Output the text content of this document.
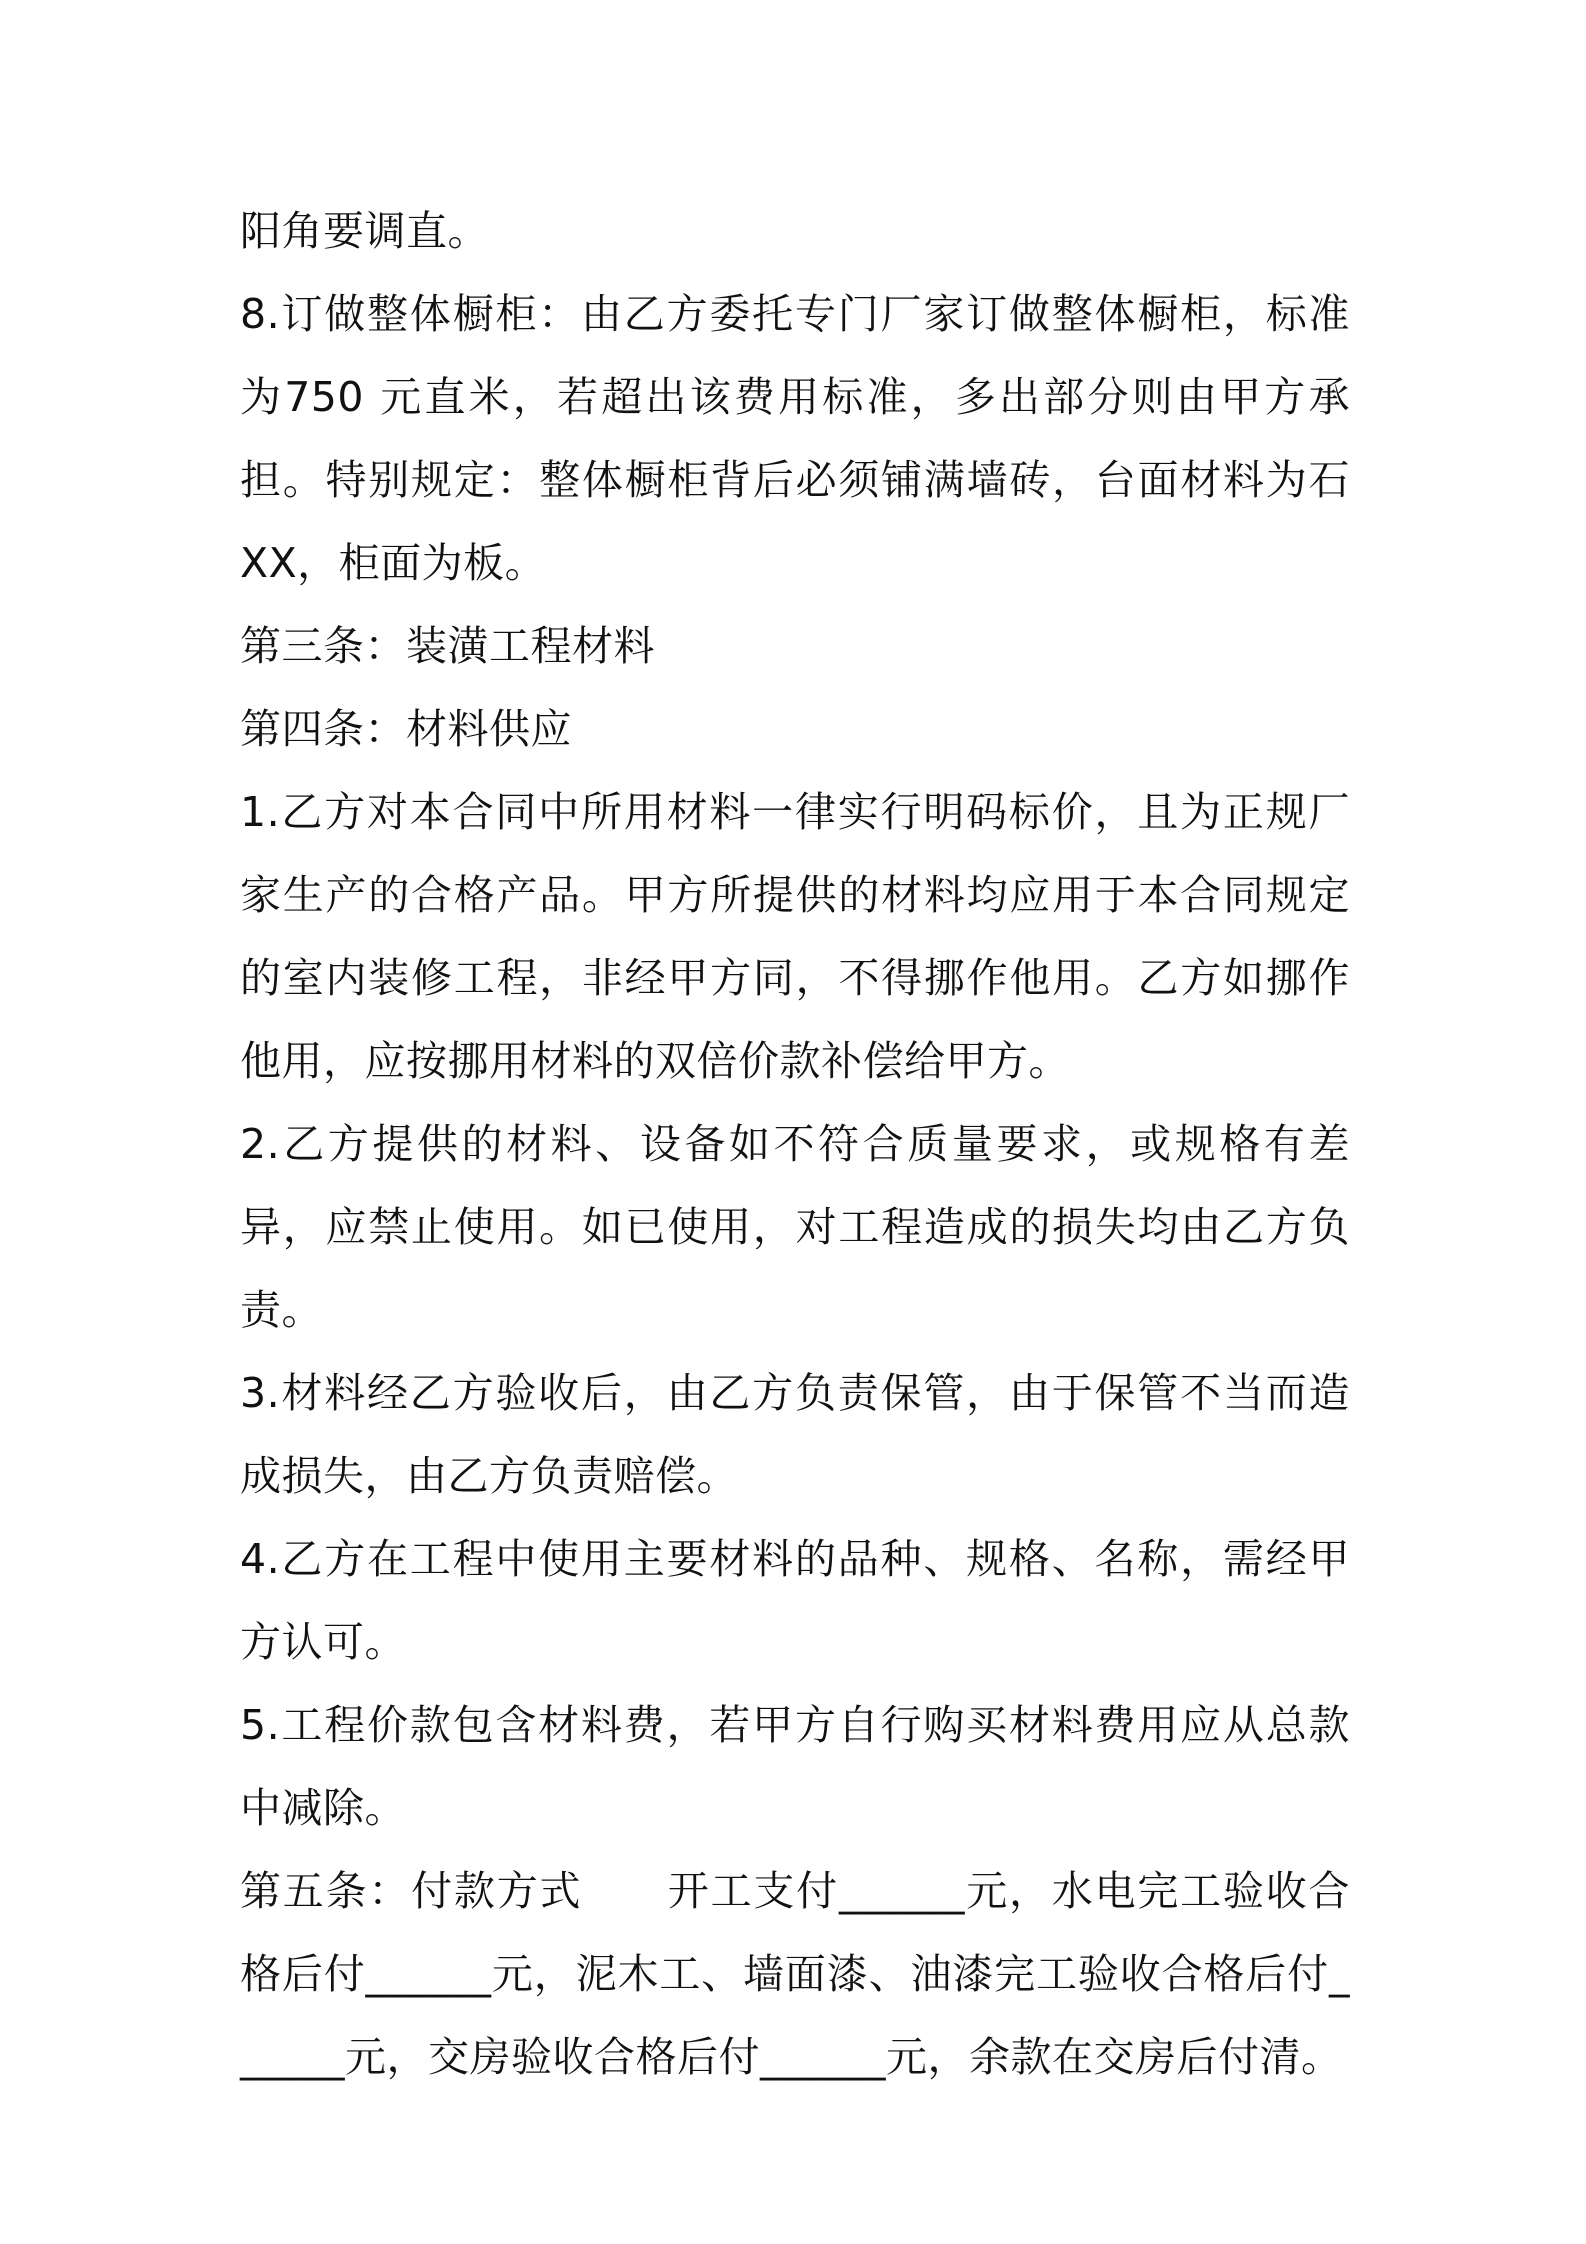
阳角要调直。

8.订做整体橱柜：由乙方委托专门厂家订做整体橱柜，标准为750 元直米，若超出该费用标准，多出部分则由甲方承担。特别规定：整体橱柜背后必须铺满墙砖，台面材料为石 XX，柜面为板。

第三条：装潢工程材料

第四条：材料供应

1.乙方对本合同中所用材料一律实行明码标价，且为正规厂家生产的合格产品。甲方所提供的材料均应用于本合同规定的室内装修工程，非经甲方同，不得挪作他用。乙方如挪作他用，应按挪用材料的双倍价款补偿给甲方。

2.乙方提供的材料、设备如不符合质量要求，或规格有差异，应禁止使用。如已使用，对工程造成的损失均由乙方负责。

3.材料经乙方验收后，由乙方负责保管，由于保管不当而造成损失，由乙方负责赔偿。

4.乙方在工程中使用主要材料的品种、规格、名称，需经甲方认可。

5.工程价款包含材料费，若甲方自行购买材料费用应从总款中减除。

第五条：付款方式　　开工支付______元，水电完工验收合格后付______元，泥木工、墙面漆、油漆完工验收合格后付______元，交房验收合格后付______元，余款在交房后付清。
